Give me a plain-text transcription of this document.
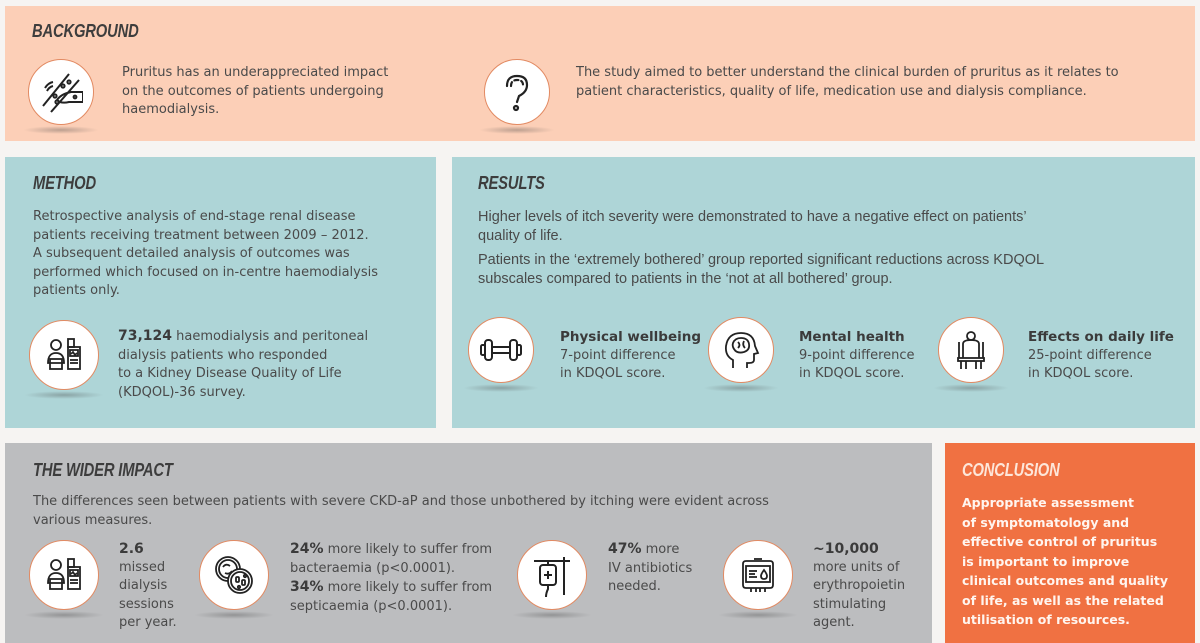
BACKGROUND
Pruritus has an underappreciated impact
on the outcomes of patients undergoing
haemodialysis.
The study aimed to better understand the clinical burden of pruritus as it relates to
patient characteristics, quality of life, medication use and dialysis compliance.
METHOD
Retrospective analysis of end-stage renal disease
patients receiving treatment between 2009 – 2012.
A subsequent detailed analysis of outcomes was
performed which focused on in-centre haemodialysis
patients only.
73,124 haemodialysis and peritoneal
dialysis patients who responded
to a Kidney Disease Quality of Life
(KDQOL)-36 survey.
RESULTS
Higher levels of itch severity were demonstrated to have a negative effect on patients’
quality of life.
Patients in the ‘extremely bothered’ group reported significant reductions across KDQOL
subscales compared to patients in the ‘not at all bothered’ group.
Physical wellbeing
7-point difference
in KDQOL score.
Mental health
9-point difference
in KDQOL score.
Effects on daily life
25-point difference
in KDQOL score.
THE WIDER IMPACT
The differences seen between patients with severe CKD-aP and those unbothered by itching were evident across
various measures.
2.6
missed
dialysis
sessions
per year.
24% more likely to suffer from
bacteraemia (p<0.0001).
34% more likely to suffer from
septicaemia (p<0.0001).
47% more
IV antibiotics
needed.
~10,000
more units of
erythropoietin
stimulating
agent.
CONCLUSION
Appropriate assessment
of symptomatology and
effective control of pruritus
is important to improve
clinical outcomes and quality
of life, as well as the related
utilisation of resources.
